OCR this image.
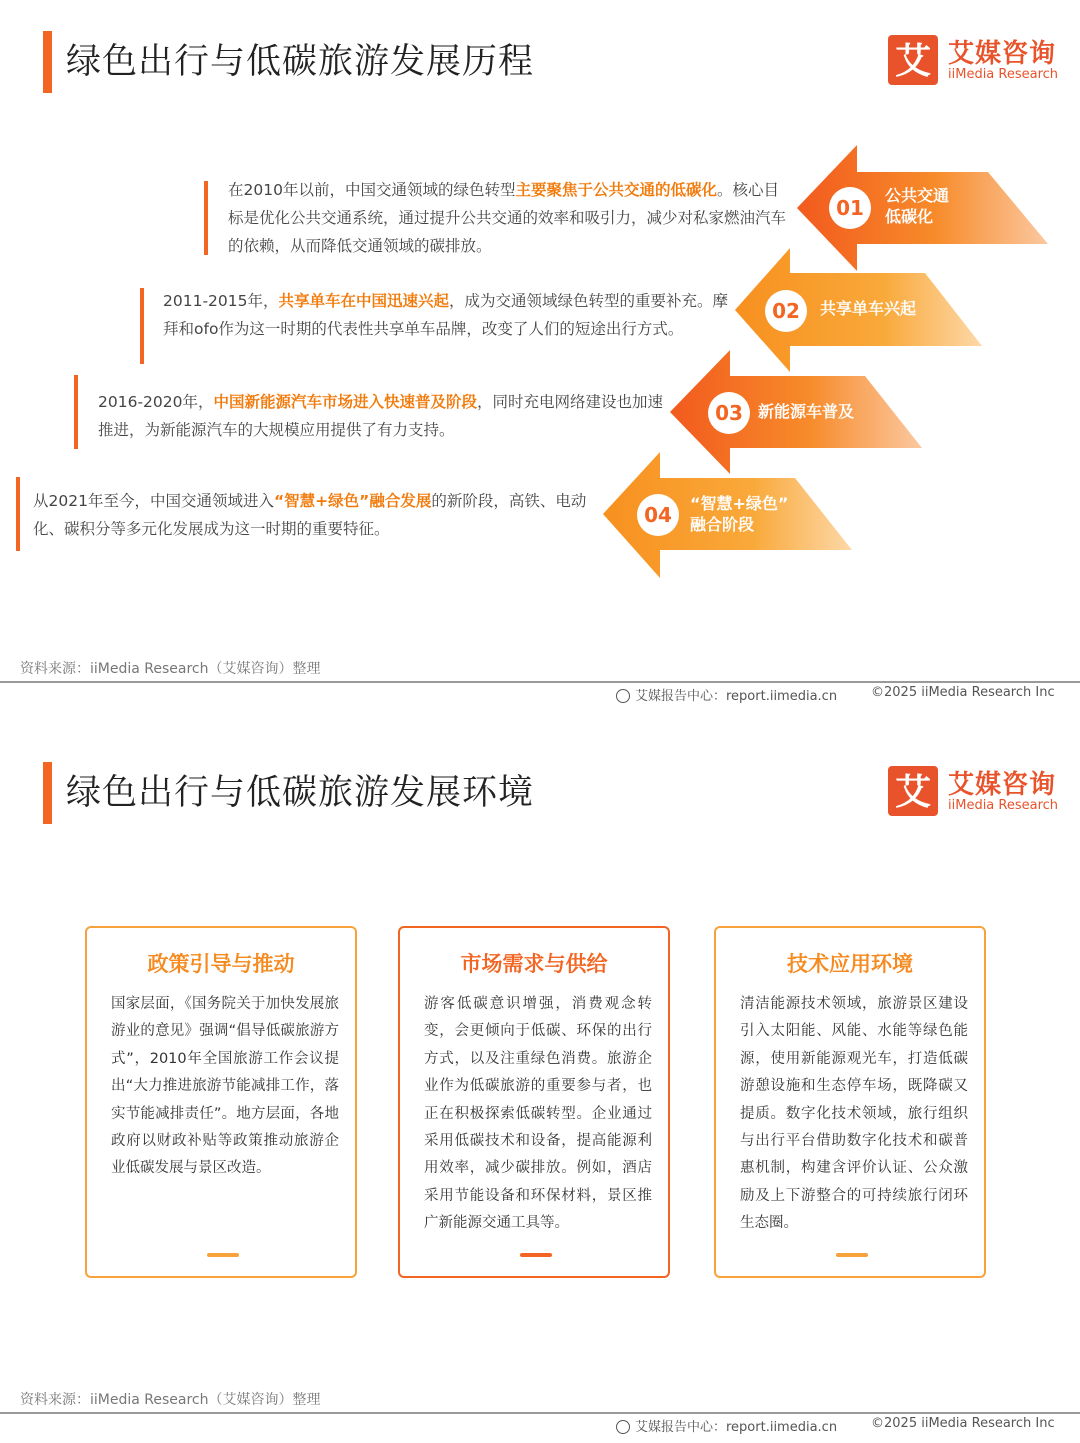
绿色出行与低碳旅游发展历程	艾 艾媒咨询
iiMedia Research
01
公共交通
低碳化
在2010年以前，中国交通领域的绿色转型主要聚焦于公共交通的低碳化。核心目标是优化公共交通系统，通过提升公共交通的效率和吸引力，减少对私家燃油汽车的依赖，从而降低交通领域的碳排放。
02	共享单车兴起
2011-2015年，共享单车在中国迅速兴起，成为交通领域绿色转型的重要补充。摩拜和ofo作为这一时期的代表性共享单车品牌，改变了人们的短途出行方式。
03 新能源车普及
2016-2020年，中国新能源汽车市场进入快速普及阶段，同时充电网络建设也加速推进，为新能源汽车的大规模应用提供了有力支持。
04	“智慧+绿色”
融合阶段
从2021年至今，中国交通领域进入“智慧+绿色”融合发展的新阶段，高铁、电动化、碳积分等多元化发展成为这一时期的重要特征。
资料来源：iiMedia Research（艾媒咨询）整理
艾媒报告中心：report.iimedia.cn	©2025 iiMedia Research Inc
绿色出行与低碳旅游发展环境	艾 艾媒咨询
iiMedia Research
政策引导与推动
国家层面，《国务院关于加快发展旅游业的意见》强调“倡导低碳旅游方式”，2010年全国旅游工作会议提出“大力推进旅游节能减排工作，落实节能减排责任”。地方层面，各地政府以财政补贴等政策推动旅游企业低碳发展与景区改造。
市场需求与供给
游客低碳意识增强，消费观念转变，会更倾向于低碳、环保的出行方式，以及注重绿色消费。旅游企业作为低碳旅游的重要参与者，也正在积极探索低碳转型。企业通过采用低碳技术和设备，提高能源利用效率，减少碳排放。例如，酒店采用节能设备和环保材料，景区推广新能源交通工具等。
技术应用环境
清洁能源技术领域，旅游景区建设引入太阳能、风能、水能等绿色能源，使用新能源观光车，打造低碳游憩设施和生态停车场，既降碳又提质。数字化技术领域，旅行组织与出行平台借助数字化技术和碳普惠机制，构建含评价认证、公众激励及上下游整合的可持续旅行闭环生态圈。
资料来源：iiMedia Research（艾媒咨询）整理
艾媒报告中心：report.iimedia.cn	©2025 iiMedia Research Inc
